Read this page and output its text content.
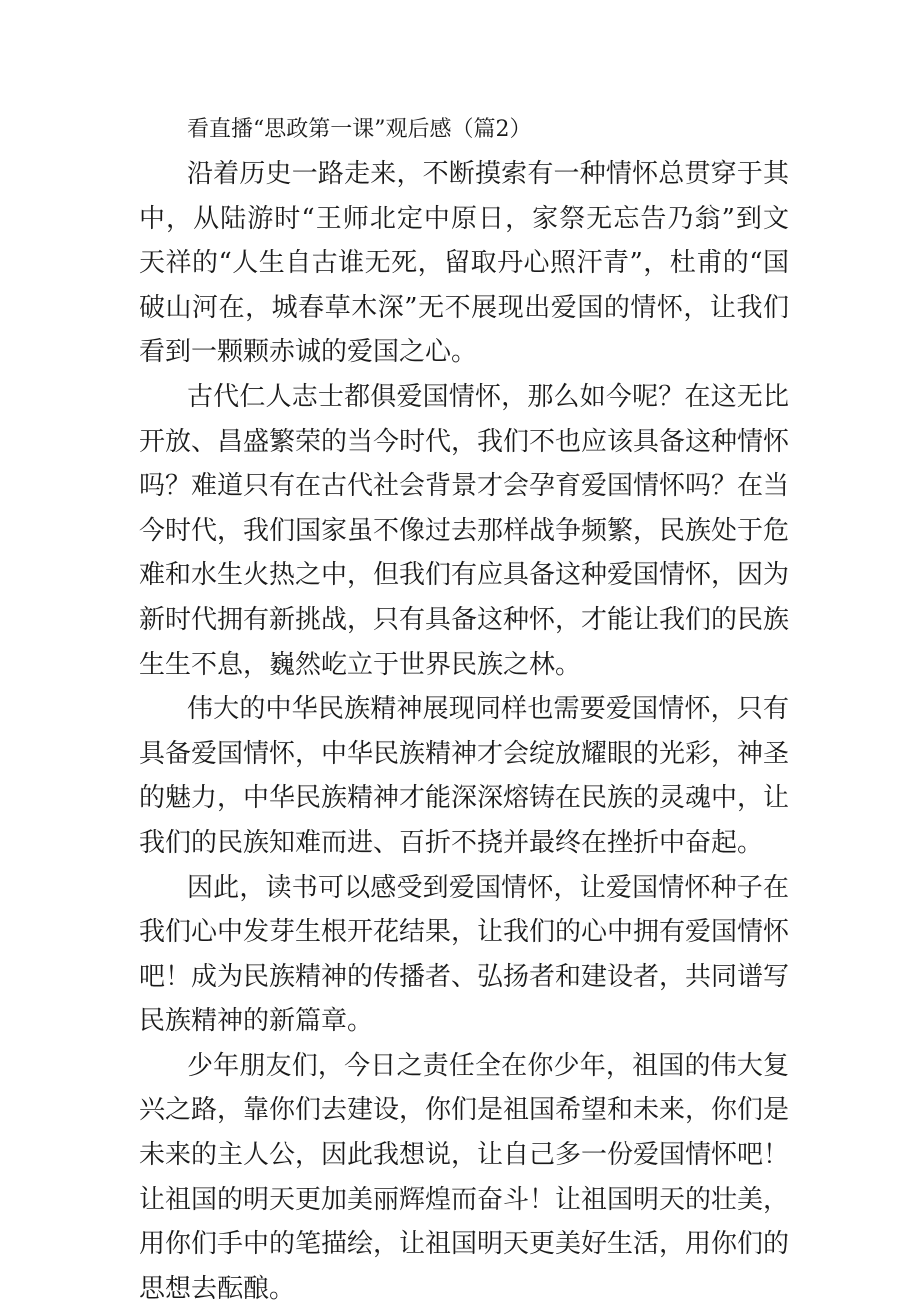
看直播“思政第一课”观后感（篇2）

沿着历史一路走来，不断摸索有一种情怀总贯穿于其中，从陆游时“王师北定中原日，家祭无忘告乃翁”到文天祥的“人生自古谁无死，留取丹心照汗青”，杜甫的“国破山河在，城春草木深”无不展现出爱国的情怀，让我们看到一颗颗赤诚的爱国之心。

古代仁人志士都俱爱国情怀，那么如今呢？在这无比开放、昌盛繁荣的当今时代，我们不也应该具备这种情怀吗？难道只有在古代社会背景才会孕育爱国情怀吗？在当今时代，我们国家虽不像过去那样战争频繁，民族处于危难和水生火热之中，但我们有应具备这种爱国情怀，因为新时代拥有新挑战，只有具备这种怀，才能让我们的民族生生不息，巍然屹立于世界民族之林。

伟大的中华民族精神展现同样也需要爱国情怀，只有具备爱国情怀，中华民族精神才会绽放耀眼的光彩，神圣的魅力，中华民族精神才能深深熔铸在民族的灵魂中，让我们的民族知难而进、百折不挠并最终在挫折中奋起。

因此，读书可以感受到爱国情怀，让爱国情怀种子在我们心中发芽生根开花结果，让我们的心中拥有爱国情怀吧！成为民族精神的传播者、弘扬者和建设者，共同谱写民族精神的新篇章。

少年朋友们，今日之责任全在你少年，祖国的伟大复兴之路，靠你们去建设，你们是祖国希望和未来，你们是未来的主人公，因此我想说，让自己多一份爱国情怀吧！让祖国的明天更加美丽辉煌而奋斗！让祖国明天的壮美，用你们手中的笔描绘，让祖国明天更美好生活，用你们的思想去酝酿。
